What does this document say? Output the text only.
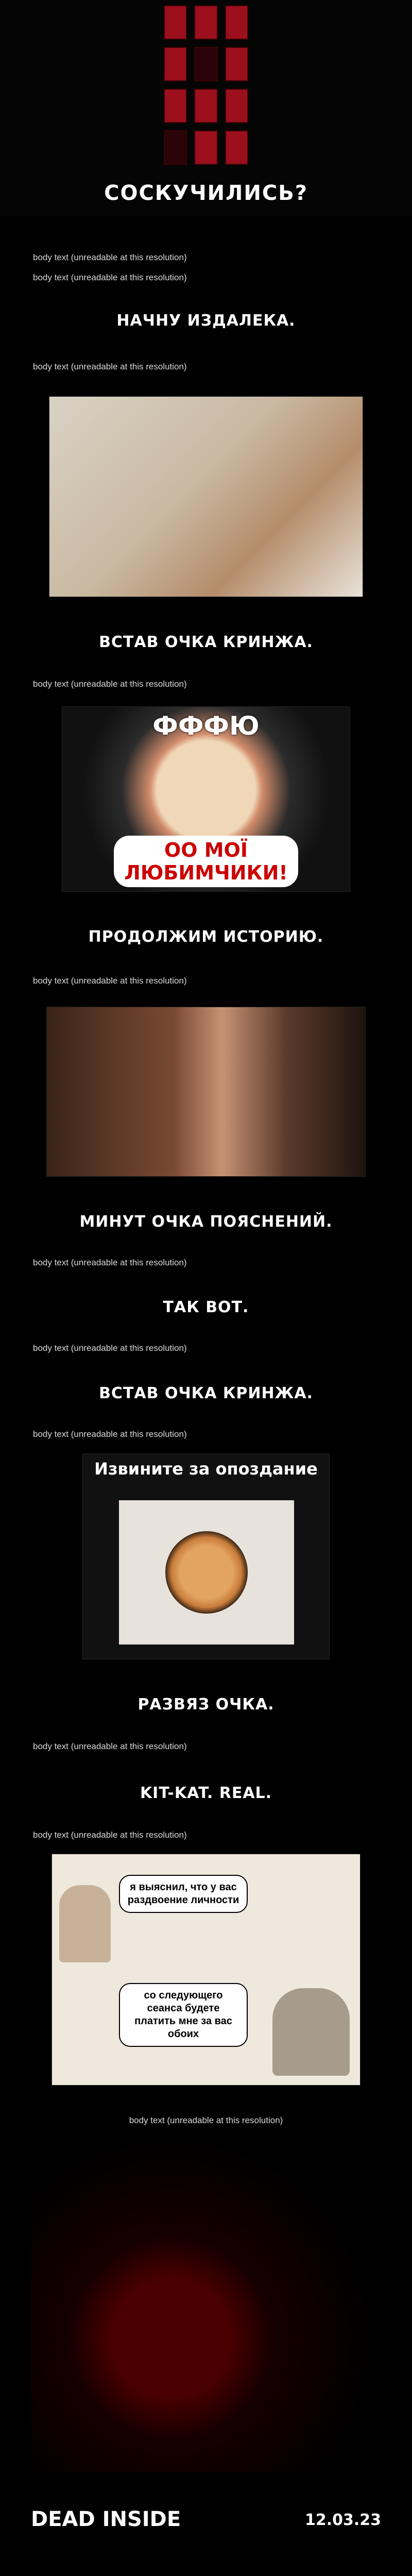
СОСКУЧИЛИСЬ?

body text (unreadable at this resolution)

body text (unreadable at this resolution)

НАЧНУ ИЗДАЛЕКА.

body text (unreadable at this resolution)

ВСТАВ ОЧКА КРИНЖА.

body text (unreadable at this resolution)

ФФФЮ
ОО МОЇ ЛЮБИМЧИКИ!
ПРОДОЛЖИМ ИСТОРИЮ.

body text (unreadable at this resolution)

МИНУТ ОЧКА ПОЯСНЕНИЙ.

body text (unreadable at this resolution)

ТАК ВОТ.

body text (unreadable at this resolution)

ВСТАВ ОЧКА КРИНЖА.

body text (unreadable at this resolution)

Извините за опоздание
РАЗВЯЗ ОЧКА.

body text (unreadable at this resolution)

KIT-KAT. REAL.

body text (unreadable at this resolution)

я выяснил, что у вас раздвоение личности
со следующего сеанса будете платить мне за вас обоих

body text (unreadable at this resolution)

DEAD INSIDE	12.03.23
